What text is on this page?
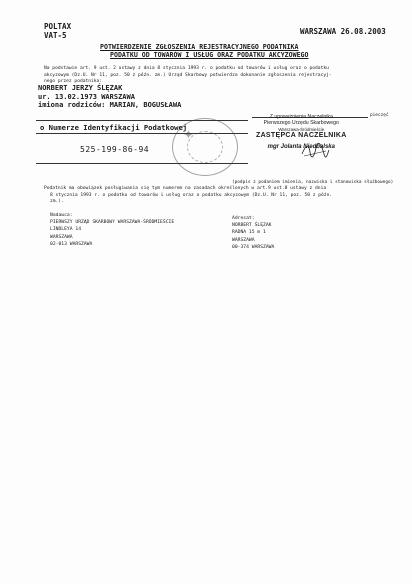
POLTAX
VAT-5	WARSZAWA 26.08.2003
POTWIERDZENIE ZGŁOSZENIA REJESTRACYJNEGO PODATNIKA
PODATKU OD TOWARÓW I USŁUG ORAZ PODATKU AKCYZOWEGO
Na podstawie art. 9 ust. 2 ustawy z dnia 8 stycznia 1993 r. o podatku od towarów i usług oraz o podatku
akcyzowym (Dz.U. Nr 11, poz. 50 z późn. zm.) Urząd Skarbowy potwierdza dokonanie zgłoszenia rejestracyj-
nego przez podatnika:
NORBERT JERZY ŚLĘZAK
ur. 13.02.1973 WARSZAWA
imiona rodziców: MARIAN, BOGUSŁAWA
pieczęć
o Numerze Identyfikacji Podatkowej
525-199-86-94
✦
Z upoważnienia Naczelnika
Pierwszego Urzędu Skarbowego
Warszawa-Śródmieście
ZASTĘPCA NACZELNIKA
mgr Jolanta Niedbalska
(podpis z podaniem imienia, nazwiska i stanowiska służbowego)
Podatnik ma obowiązek posługiwania się tym numerem na zasadach określonych w art.9 ust.8 ustawy z dnia
8 stycznia 1993 r. o podatku od towarów i usług oraz o podatku akcyzowym (Dz.U. Nr 11, poz. 50 z późn.
zm.).
Nadawca:
PIERWSZY URZĄD SKARBOWY WARSZAWA-ŚRÓDMIEŚCIE
LINDLEYA 14
WARSZAWA
02-013 WARSZAWA
Adresat:
NORBERT ŚLĘZAK
RADNA 15 m 1
WARSZAWA
00-374 WARSZAWA
